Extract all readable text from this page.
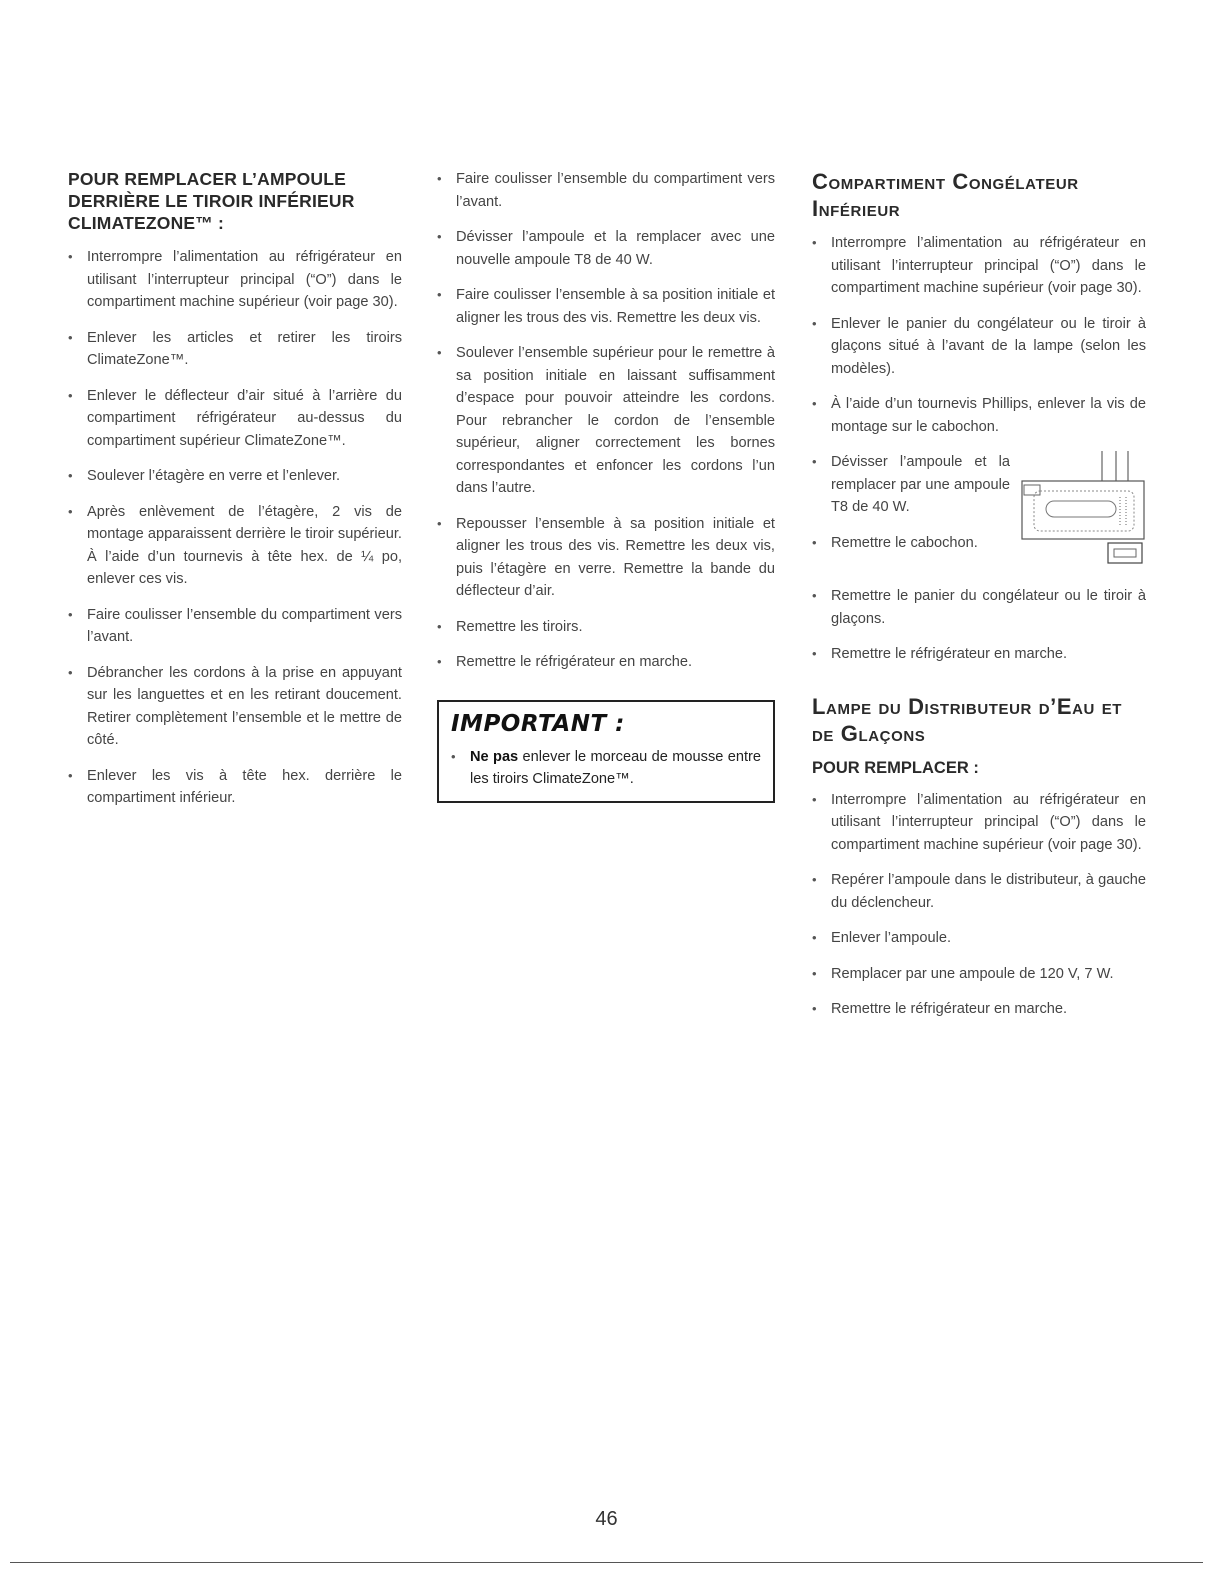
POUR REMPLACER L’AMPOULE DERRIÈRE LE TIROIR INFÉRIEUR CLIMATEZONE™ :
• Interrompre l’alimentation au réfrigérateur en utilisant l’interrupteur principal (“O”) dans le compartiment machine supérieur (voir page 30).
• Enlever les articles et retirer les tiroirs ClimateZone™.
• Enlever le déflecteur d’air situé à l’arrière du compartiment réfrigérateur au-dessus du compartiment supérieur ClimateZone™.
• Soulever l’étagère en verre et l’enlever.
• Après enlèvement de l’étagère, 2 vis de montage apparaissent derrière le tiroir supérieur. À l’aide d’un tournevis à tête hex. de ¼ po, enlever ces vis.
• Faire coulisser l’ensemble du compartiment vers l’avant.
• Débrancher les cordons à la prise en appuyant sur les languettes et en les retirant doucement. Retirer complètement l’ensemble et le mettre de côté.
• Enlever les vis à tête hex. derrière le compartiment inférieur.
• Faire coulisser l’ensemble du compartiment vers l’avant.
• Dévisser l’ampoule et la remplacer avec une nouvelle ampoule T8 de 40 W.
• Faire coulisser l’ensemble à sa position initiale et aligner les trous des vis. Remettre les deux vis.
• Soulever l’ensemble supérieur pour le remettre à sa position initiale en laissant suffisamment d’espace pour pouvoir atteindre les cordons. Pour rebrancher le cordon de l’ensemble supérieur, aligner correctement les bornes correspondantes et enfoncer les cordons l’un dans l’autre.
• Repousser l’ensemble à sa position initiale et aligner les trous des vis. Remettre les deux vis, puis l’étagère en verre. Remettre la bande du déflecteur d’air.
• Remettre les tiroirs.
• Remettre le réfrigérateur en marche.
IMPORTANT :
• Ne pas enlever le morceau de mousse entre les tiroirs ClimateZone™.
Compartiment Congélateur Inférieur
• Interrompre l’alimentation au réfrigérateur en utilisant l’interrupteur principal (“O”) dans le compartiment machine supérieur (voir page 30).
• Enlever le panier du congélateur ou le tiroir à glaçons situé à l’avant de la lampe (selon les modèles).
• À l’aide d’un tournevis Phillips, enlever la vis de montage sur le cabochon.
• Dévisser l’ampoule et la remplacer par une ampoule T8 de 40 W.
• Remettre le cabochon.
• Remettre le panier du congélateur ou le tiroir à glaçons.
• Remettre le réfrigérateur en marche.
Lampe du Distributeur d’Eau et de Glaçons
POUR REMPLACER :
• Interrompre l’alimentation au réfrigérateur en utilisant l’interrupteur principal (“O”) dans le compartiment machine supérieur (voir page 30).
• Repérer l’ampoule dans le distributeur, à gauche du déclencheur.
• Enlever l’ampoule.
• Remplacer par une ampoule de 120 V, 7 W.
• Remettre le réfrigérateur en marche.
46
